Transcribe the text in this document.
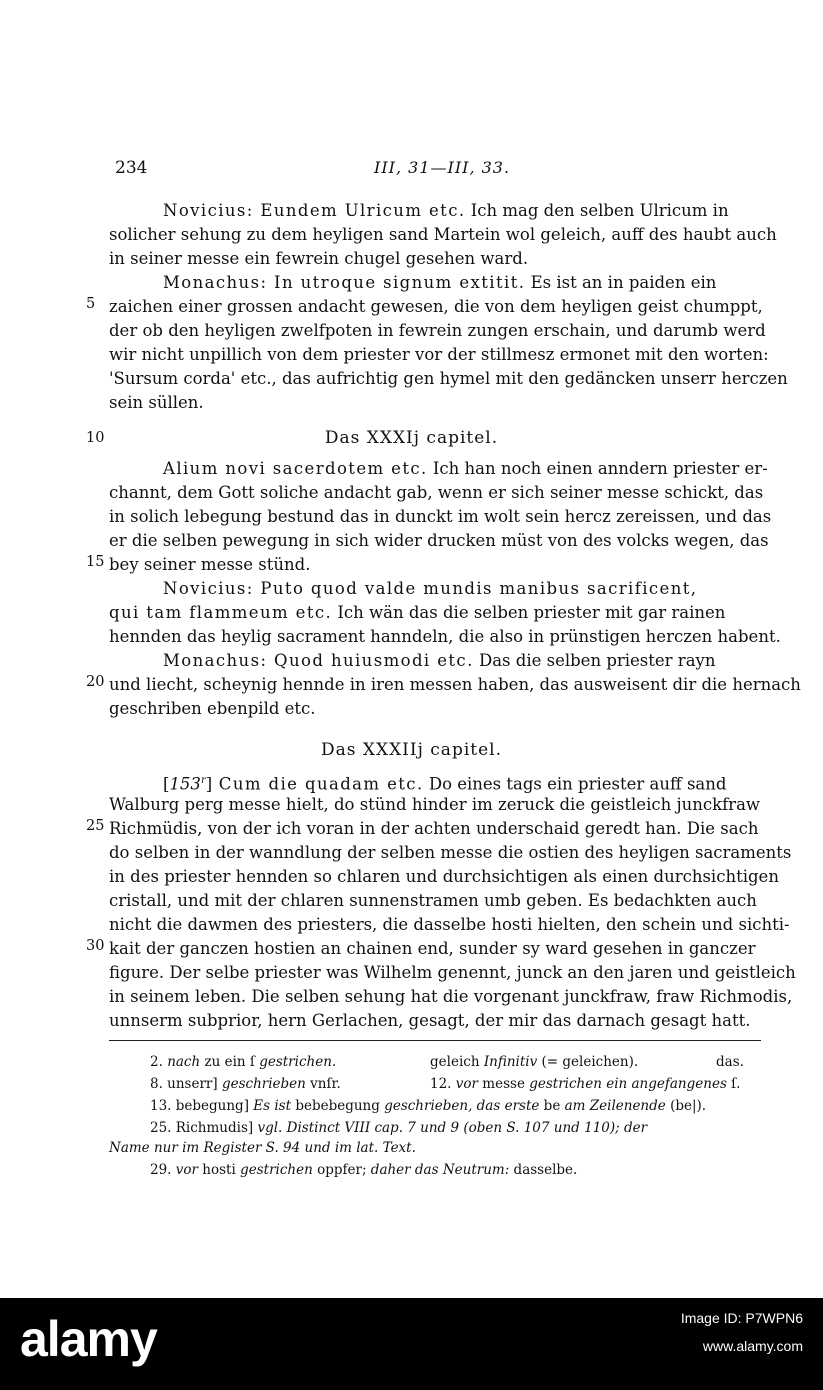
234	III, 31—III, 33.
Novicius: Eundem Ulricum etc. Ich mag den selben Ulricum in
solicher sehung zu dem heyligen sand Martein wol geleich, auff des haubt auch
in seiner messe ein fewrein chugel gesehen ward.
Monachus: In utroque signum extitit. Es ist an in paiden ein
5 zaichen einer grossen andacht gewesen, die von dem heyligen geist chumppt,
der ob den heyligen zwelfpoten in fewrein zungen erschain, und darumb werd
wir nicht unpillich von dem priester vor der stillmesz ermonet mit den worten:
'Sursum corda' etc., das aufrichtig gen hymel mit den gedäncken unserr herczen
sein süllen.
10	Das XXXIj capitel.
Alium novi sacerdotem etc. Ich han noch einen anndern priester er-
channt, dem Gott soliche andacht gab, wenn er sich seiner messe schickt, das
in solich lebegung bestund das in dunckt im wolt sein hercz zereissen, und das
er die selben pewegung in sich wider drucken müst von des volcks wegen, das
15 bey seiner messe stünd.
Novicius: Puto quod valde mundis manibus sacrificent,
qui tam flammeum etc. Ich wän das die selben priester mit gar rainen
hennden das heylig sacrament hanndeln, die also in prünstigen herczen habent.
Monachus: Quod huiusmodi etc. Das die selben priester rayn
20 und liecht, scheynig hennde in iren messen haben, das ausweisent dir die hernach
geschriben ebenpild etc.
Das XXXIIj capitel.
[153$^r$] Cum die quadam etc. Do eines tags ein priester auff sand
Walburg perg messe hielt, do stünd hinder im zeruck die geistleich junckfraw
25 Richmüdis, von der ich voran in der achten underschaid geredt han. Die sach
do selben in der wanndlung der selben messe die ostien des heyligen sacraments
in des priester hennden so chlaren und durchsichtigen als einen durchsichtigen
cristall, und mit der chlaren sunnenstramen umb geben. Es bedachkten auch
nicht die dawmen des priesters, die dasselbe hosti hielten, den schein und sichti-
30 kait der ganczen hostien an chainen end, sunder sy ward gesehen in ganczer
figure. Der selbe priester was Wilhelm genennt, junck an den jaren und geistleich
in seinem leben. Die selben sehung hat die vorgenant junckfraw, fraw Richmodis,
unnserm subprior, hern Gerlachen, gesagt, der mir das darnach gesagt hatt.
2. nach zu ein ſ gestrichen.	geleich Infinitiv (= geleichen).	das.
8. unserr] geschrieben vnſr.	12. vor messe gestrichen ein angefangenes ſ.
13. bebegung] Es ist bebebegung geschrieben, das erste be am Zeilenende (be|).
25. Richmudis] vgl. Distinct VIII cap. 7 und 9 (oben S. 107 und 110); der
Name nur im Register S. 94 und im lat. Text.
29. vor hosti gestrichen oppfer; daher das Neutrum: dasselbe.
alamy	Image ID: P7WPN6
www.alamy.com
